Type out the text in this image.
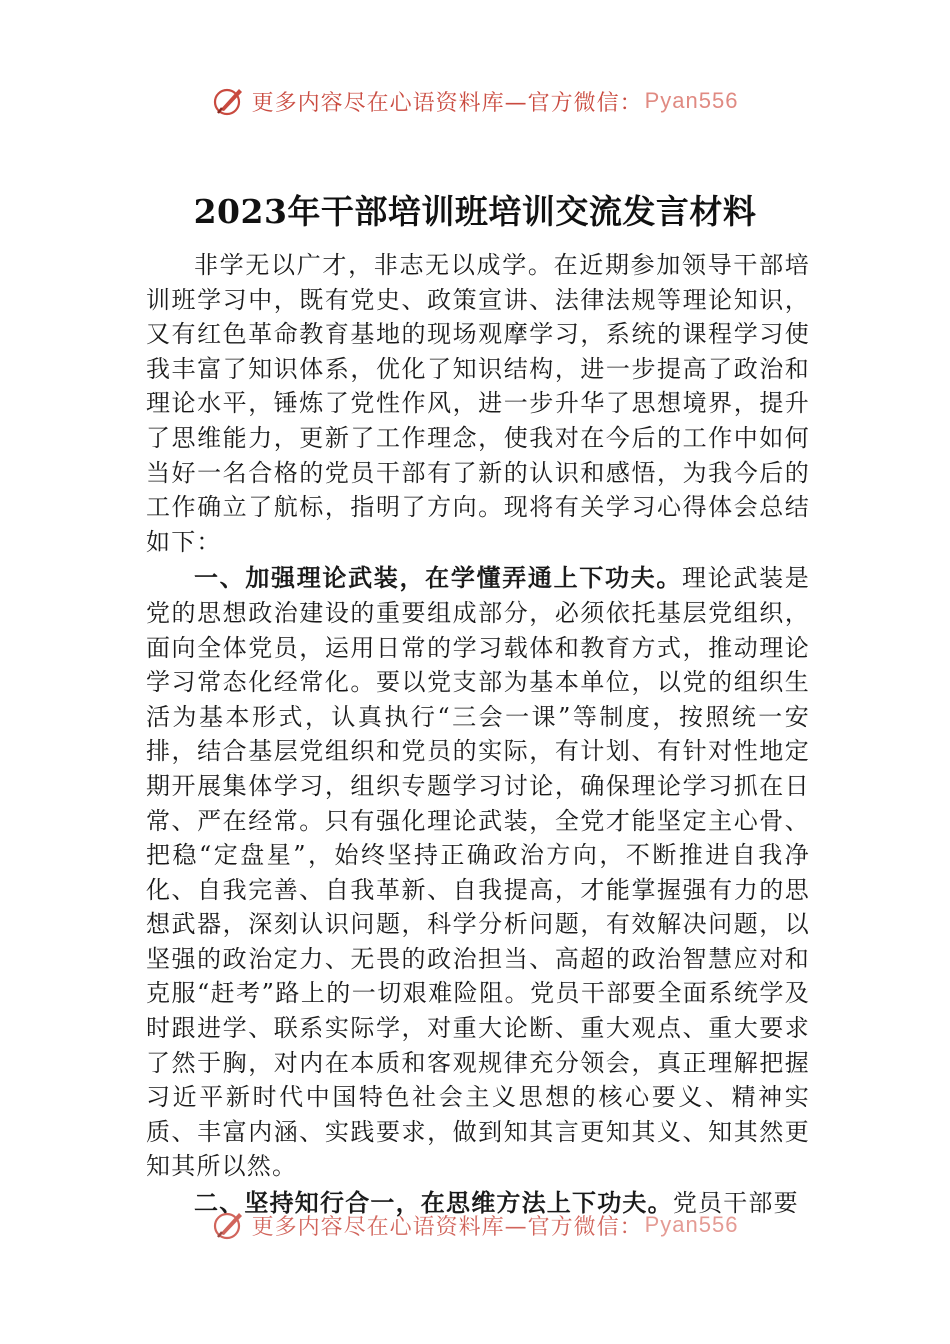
更多内容尽在心语资料库—官方微信： Pyan556
2023年干部培训班培训交流发言材料

非学无以广才，非志无以成学。在近期参加领导干部培训班学习中，既有党史、政策宣讲、法律法规等理论知识，又有红色革命教育基地的现场观摩学习，系统的课程学习使我丰富了知识体系，优化了知识结构，进一步提高了政治和理论水平，锤炼了党性作风，进一步升华了思想境界，提升了思维能力，更新了工作理念，使我对在今后的工作中如何当好一名合格的党员干部有了新的认识和感悟，为我今后的工作确立了航标，指明了方向。现将有关学习心得体会总结如下：

一、加强理论武装，在学懂弄通上下功夫。理论武装是党的思想政治建设的重要组成部分，必须依托基层党组织，面向全体党员，运用日常的学习载体和教育方式，推动理论学习常态化经常化。要以党支部为基本单位，以党的组织生活为基本形式，认真执行“三会一课”等制度，按照统一安排，结合基层党组织和党员的实际，有计划、有针对性地定期开展集体学习，组织专题学习讨论，确保理论学习抓在日常、严在经常。只有强化理论武装，全党才能坚定主心骨、把稳“定盘星”，始终坚持正确政治方向，不断推进自我净化、自我完善、自我革新、自我提高，才能掌握强有力的思想武器，深刻认识问题，科学分析问题，有效解决问题，以坚强的政治定力、无畏的政治担当、高超的政治智慧应对和克服“赶考”路上的一切艰难险阻。党员干部要全面系统学及时跟进学、联系实际学，对重大论断、重大观点、重大要求了然于胸，对内在本质和客观规律充分领会，真正理解把握习近平新时代中国特色社会主义思想的核心要义、精神实质、丰富内涵、实践要求，做到知其言更知其义、知其然更知其所以然。

二、坚持知行合一，在思维方法上下功夫。党员干部要

更多内容尽在心语资料库—官方微信： Pyan556
